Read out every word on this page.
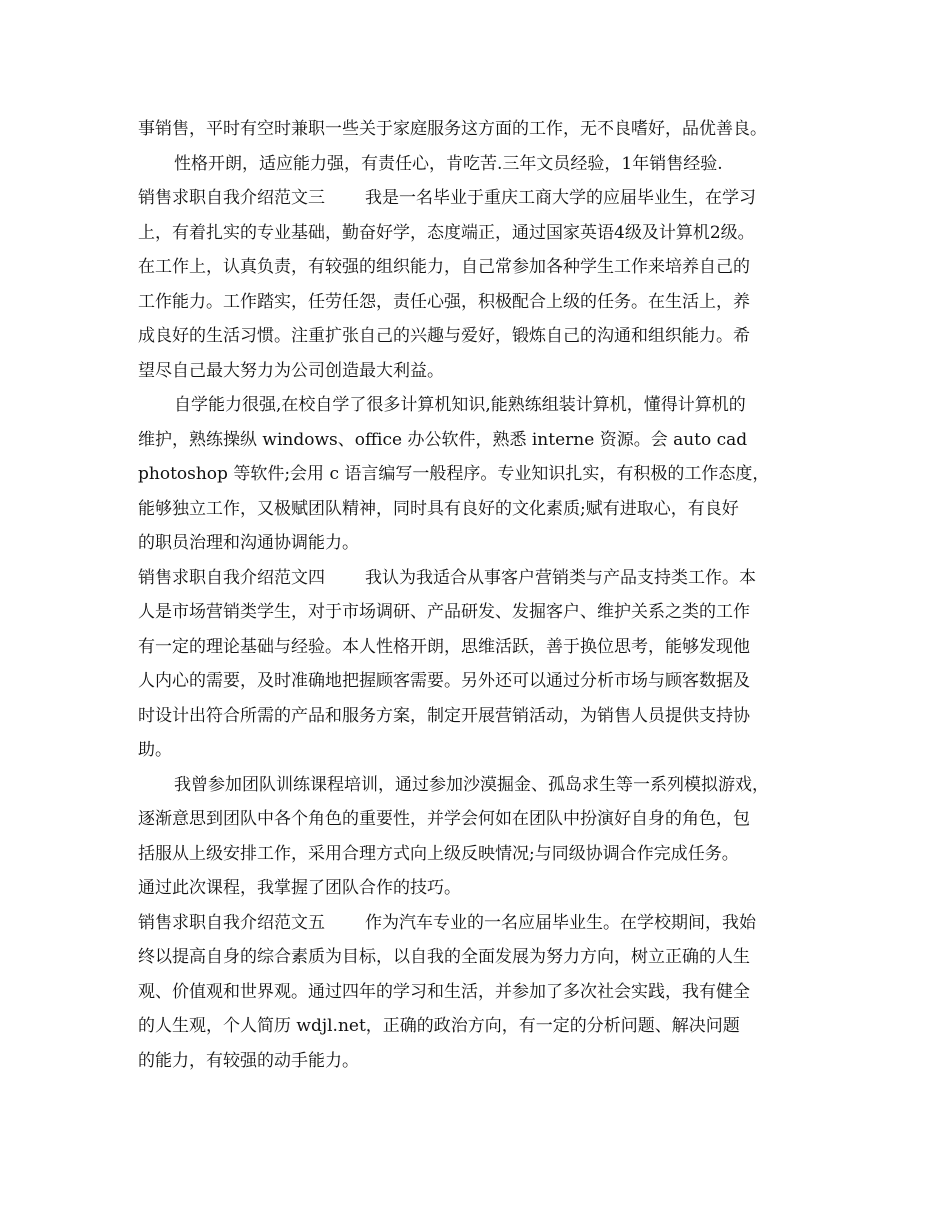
事销售，平时有空时兼职一些关于家庭服务这方面的工作，无不良嗜好，品优善良。
性格开朗，适应能力强，有责任心，肯吃苦.三年文员经验，1年销售经验.
销售求职自我介绍范文三 我是一名毕业于重庆工商大学的应届毕业生，在学习
上，有着扎实的专业基础，勤奋好学，态度端正，通过国家英语4级及计算机2级。
在工作上，认真负责，有较强的组织能力，自己常参加各种学生工作来培养自己的
工作能力。工作踏实，任劳任怨，责任心强，积极配合上级的任务。在生活上，养
成良好的生活习惯。注重扩张自己的兴趣与爱好，锻炼自己的沟通和组织能力。希
望尽自己最大努力为公司创造最大利益。
自学能力很强,在校自学了很多计算机知识,能熟练组装计算机，懂得计算机的
维护，熟练操纵 windows、office 办公软件，熟悉 interne 资源。会 auto cad
photoshop 等软件;会用 c 语言编写一般程序。专业知识扎实，有积极的工作态度，
能够独立工作，又极赋团队精神，同时具有良好的文化素质;赋有进取心，有良好
的职员治理和沟通协调能力。
销售求职自我介绍范文四 我认为我适合从事客户营销类与产品支持类工作。本
人是市场营销类学生，对于市场调研、产品研发、发掘客户、维护关系之类的工作
有一定的理论基础与经验。本人性格开朗，思维活跃，善于换位思考，能够发现他
人内心的需要，及时准确地把握顾客需要。另外还可以通过分析市场与顾客数据及
时设计出符合所需的产品和服务方案，制定开展营销活动，为销售人员提供支持协
助。
我曾参加团队训练课程培训，通过参加沙漠掘金、孤岛求生等一系列模拟游戏，
逐渐意思到团队中各个角色的重要性，并学会何如在团队中扮演好自身的角色，包
括服从上级安排工作，采用合理方式向上级反映情况;与同级协调合作完成任务。
通过此次课程，我掌握了团队合作的技巧。
销售求职自我介绍范文五 作为汽车专业的一名应届毕业生。在学校期间，我始
终以提高自身的综合素质为目标，以自我的全面发展为努力方向，树立正确的人生
观、价值观和世界观。通过四年的学习和生活，并参加了多次社会实践，我有健全
的人生观，个人简历 wdjl.net，正确的政治方向，有一定的分析问题、解决问题
的能力，有较强的动手能力。
